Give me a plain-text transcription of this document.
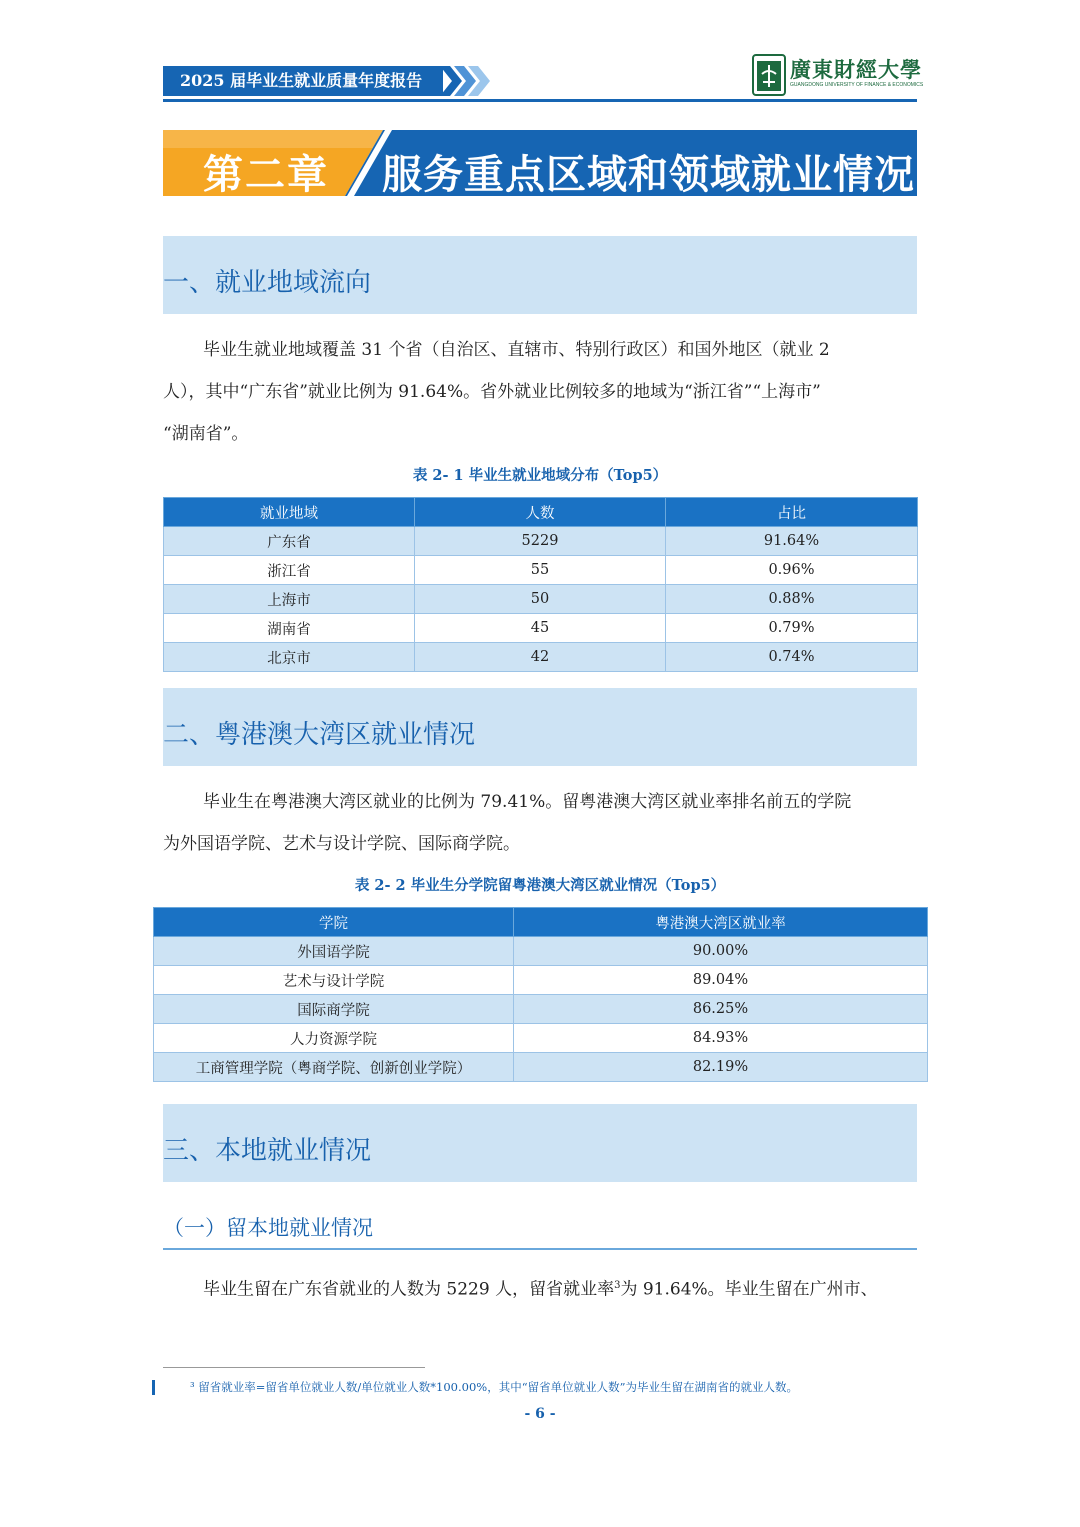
2025 届毕业生就业质量年度报告	廣東財經大學
GUANGDONG UNIVERSITY OF FINANCE & ECONOMICS
第二章 服务重点区域和领域就业情况
一、就业地域流向
毕业生就业地域覆盖 31 个省（自治区、直辖市、特别行政区）和国外地区（就业 2
人），其中“广东省”就业比例为 91.64%。省外就业比例较多的地域为“浙江省”“上海市”
“湖南省”。
表 2- 1 毕业生就业地域分布（Top5）
就业地域	人数	占比
广东省	5229	91.64%
浙江省	55	0.96%
上海市	50	0.88%
湖南省	45	0.79%
北京市	42	0.74%
二、粤港澳大湾区就业情况
毕业生在粤港澳大湾区就业的比例为 79.41%。留粤港澳大湾区就业率排名前五的学院
为外国语学院、艺术与设计学院、国际商学院。
表 2- 2 毕业生分学院留粤港澳大湾区就业情况（Top5）
学院	粤港澳大湾区就业率
外国语学院	90.00%
艺术与设计学院	89.04%
国际商学院	86.25%
人力资源学院	84.93%
工商管理学院（粤商学院、创新创业学院）	82.19%
三、本地就业情况
（一）留本地就业情况
毕业生留在广东省就业的人数为 5229 人，留省就业率$^3$为 91.64%。毕业生留在广州市、
³ 留省就业率=留省单位就业人数/单位就业人数*100.00%，其中“留省单位就业人数”为毕业生留在湖南省的就业人数。
- 6 -
